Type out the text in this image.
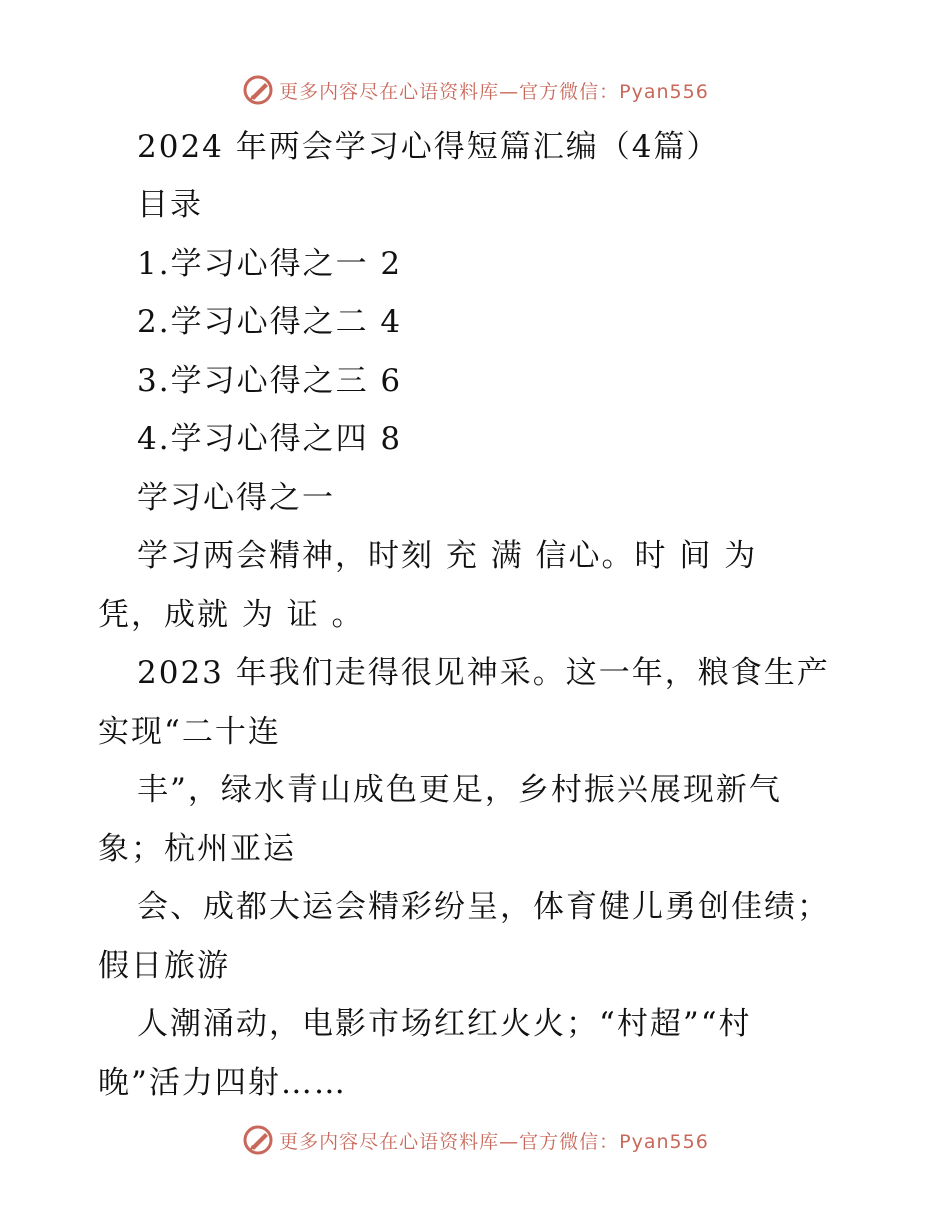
更多内容尽在心语资料库—官方微信：Pyan556
2024 年两会学习心得短篇汇编（4篇）
目录
1.学习心得之一 2
2.学习心得之二 4
3.学习心得之三 6
4.学习心得之四 8
学习心得之一
学习两会精神，时刻 充 满 信心。时 间 为
凭，成就 为 证 。
2023 年我们走得很见神采。这一年，粮食生产
实现“二十连
丰”，绿水青山成色更足，乡村振兴展现新气
象；杭州亚运
会、成都大运会精彩纷呈，体育健儿勇创佳绩；
假日旅游
人潮涌动，电影市场红红火火；“村超”“村
晚”活力四射……
更多内容尽在心语资料库—官方微信：Pyan556
